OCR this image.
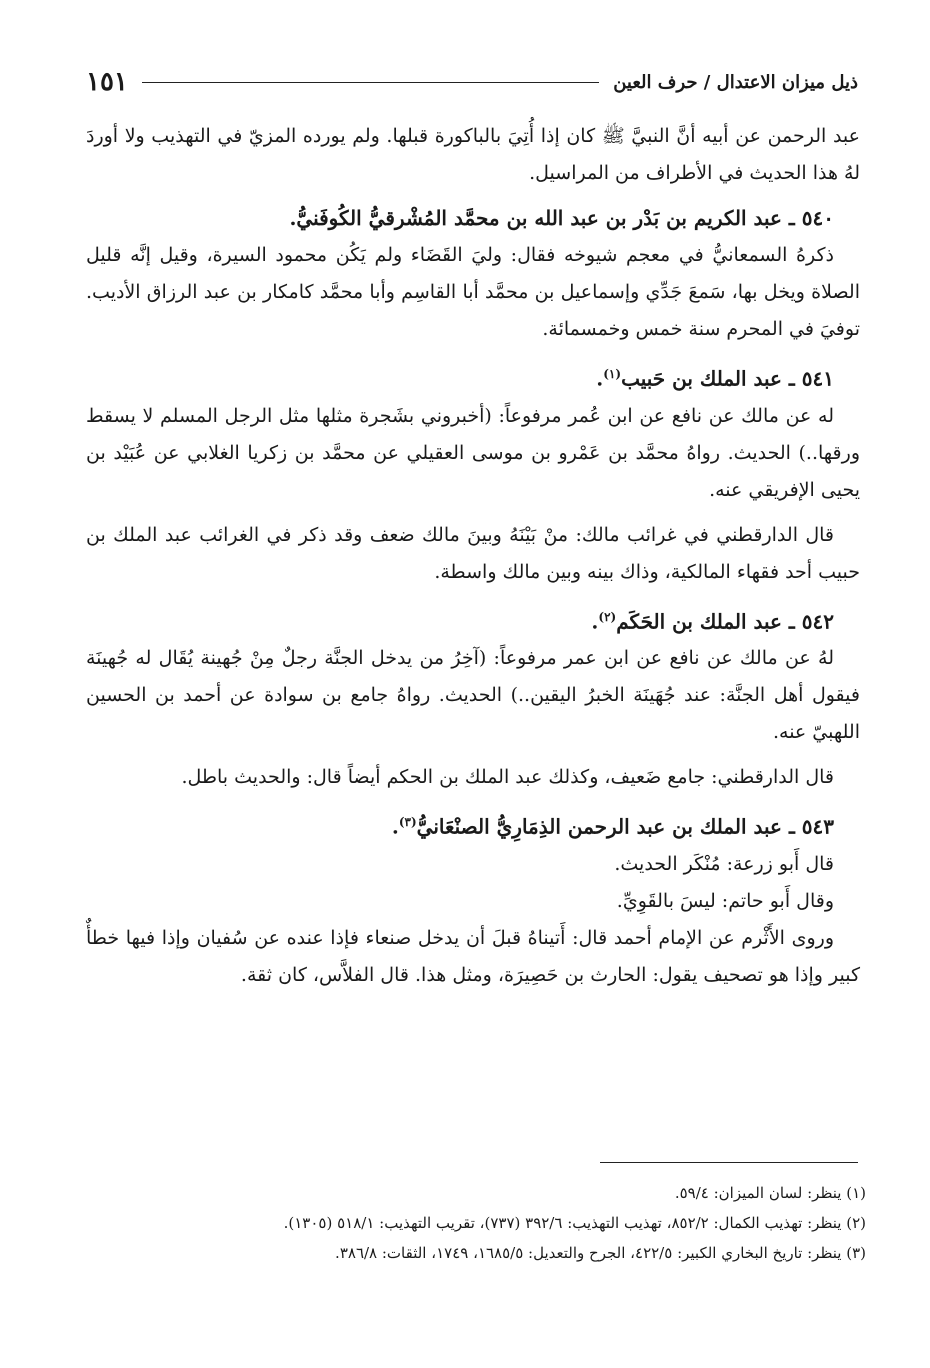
ذيل ميزان الاعتدال / حرف العين
١٥١

عبد الرحمن عن أبيه أنَّ النبيَّ ﷺ كان إذا أُتِيَ بالباكورة قبلها. ولم يورده المزيّ في التهذيب ولا أوردَ لهُ هذا الحديث في الأطراف من المراسيل.

٥٤٠ ـ عبد الكريم بن بَدْر بن عبد الله بن محمَّد المُشْرقيُّ الكُوفَنيُّ.

ذكرهُ السمعانيُّ في معجم شيوخه فقال: وليَ القَضَاء ولم يَكُن محمود السيرة، وقيل إنَّه قليل الصلاة ويخل بها، سَمعَ جَدِّي وإسماعيل بن محمَّد أبا القاسِم وأبا محمَّد كامكار بن عبد الرزاق الأديب. توفيَ في المحرم سنة خمس وخمسمائة.

٥٤١ ـ عبد الملك بن حَبيب$^{(١)}$.

له عن مالك عن نافع عن ابن عُمر مرفوعاً: (أخبروني بشَجرة مثلها مثل الرجل المسلم لا يسقط ورقها..) الحديث. رواهُ محمَّد بن عَمْرو بن موسى العقيلي عن محمَّد بن زكريا الغلابي عن عُبَيْد بن يحيى الإفريقي عنه.

قال الدارقطني في غرائب مالك: منْ بَيْنَهُ وبينَ مالك ضعف وقد ذكر في الغرائب عبد الملك بن حبيب أحد فقهاء المالكية، وذاك بينه وبين مالك واسطة.

٥٤٢ ـ عبد الملك بن الحَكَم$^{(٢)}$.

لهُ عن مالك عن نافع عن ابن عمر مرفوعاً: (آخِرُ من يدخل الجنَّة رجلٌ مِنْ جُهينة يُقَال له جُهينَة فيقول أهل الجنَّة: عند جُهَينَة الخبرُ اليقين..) الحديث. رواهُ جامع بن سوادة عن أحمد بن الحسين اللهبيّ عنه.

قال الدارقطني: جامع ضَعيف، وكذلك عبد الملك بن الحكم أيضاً قال: والحديث باطل.

٥٤٣ ـ عبد الملك بن عبد الرحمن الذِمَارِيُّ الصنْعَانيُّ$^{(٣)}$.

قال أَبو زرعة: مُنْكَر الحديث.

وقال أَبو حاتم: ليسَ بالقَوِيِّ.

وروى الأَثْرم عن الإمام أحمد قال: أَتيناهُ قبلَ أن يدخل صنعاء فإذا عنده عن سُفيان وإذا فيها خطأٌ كبير وإذا هو تصحيف يقول: الحارث بن حَصِيرَة، ومثل هذا. قال الفلاَّس، كان ثقة.

(١) ينظر: لسان الميزان: ٥٩/٤.

(٢) ينظر: تهذيب الكمال: ٨٥٢/٢، تهذيب التهذيب: ٣٩٢/٦ (٧٣٧)، تقريب التهذيب: ٥١٨/١ (١٣٠٥).

(٣) ينظر: تاريخ البخاري الكبير: ٤٢٢/٥، الجرح والتعديل: ١٦٨٥/٥، ١٧٤٩، الثقات: ٣٨٦/٨.
